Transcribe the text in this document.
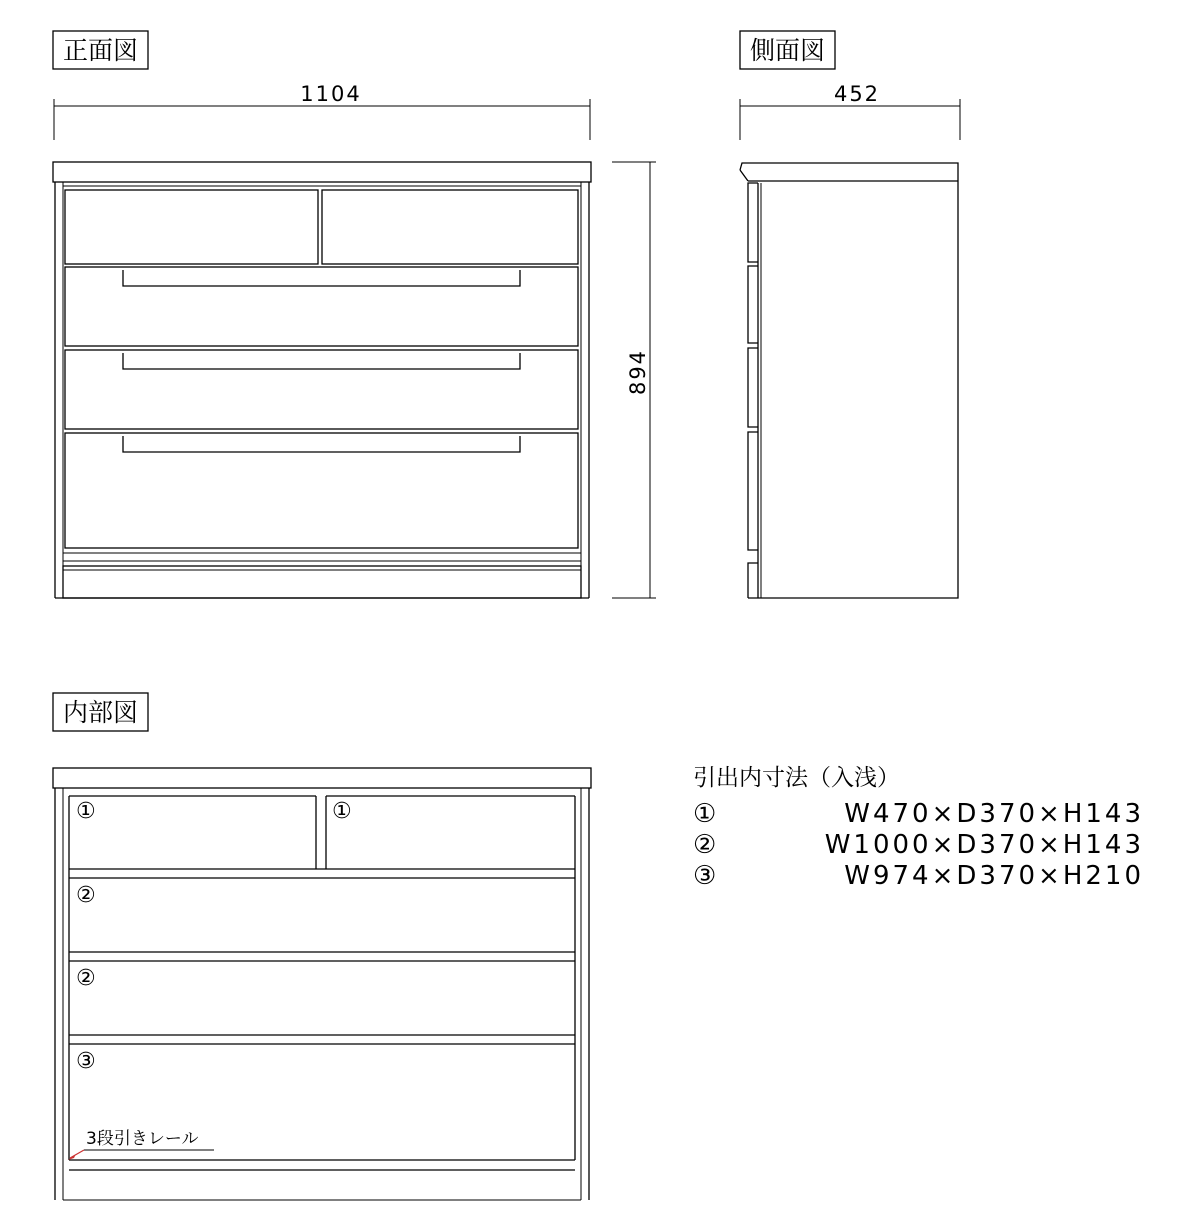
正面図
1104
894
側面図
452
内部図
①	①
②
②
③
3段引きレール
引出内寸法（入浅）
①	W470×D370×H143
②	W1000×D370×H143
③	W974×D370×H210
